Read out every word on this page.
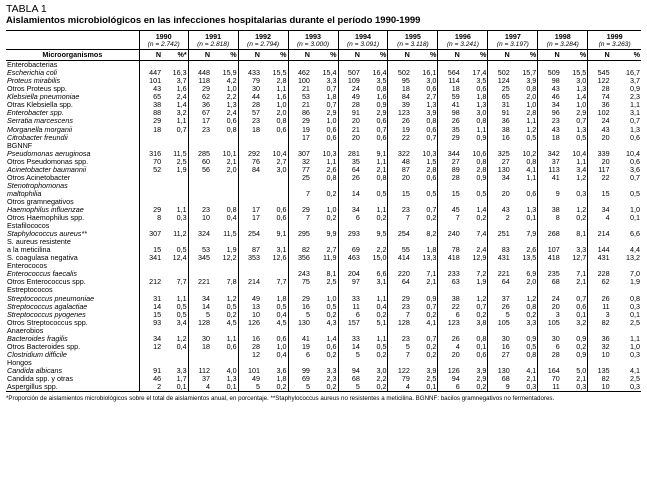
TABLA 1
Aislamientos microbiológicos en las infecciones hospitalarias durante el período 1990-1999
	1990		1991		1992		1993		1994		1995		1996		1997		1998		1999	
	(n = 2.742)		(n = 2.818)		(n = 2.794)		(n = 3.000)		(n = 3.091)		(n = 3.118)		(n = 3.241)		(n = 3.197)		(n = 3.284)		(n = 3.263)	
Microorganismos	N	%*	N	%	N	%	N	%	N	%	N	%	N	%	N	%	N	%	N	%
Enterobacterias																				
Escherichia coli	447	16,3	448	15,9	433	15,5	462	15,4	507	16,4	502	16,1	564	17,4	502	15,7	509	15,5	545	16,7
Proteus mirabilis	101	3,7	118	4,2	79	2,8	100	3,3	109	3,5	95	3,0	114	3,5	124	3,9	98	3,0	122	3,7
Otros Proteus spp.	43	1,6	29	1,0	30	1,1	21	0,7	24	0,8	18	0,6	18	0,6	25	0,8	43	1,3	28	0,9
Klebsiella pneumoniae	65	2,4	62	2,2	44	1,6	53	1,8	49	1,6	84	2,7	59	1,8	65	2,0	46	1,4	74	2,3
Otras Klebsiella spp.	38	1,4	36	1,3	28	1,0	21	0,7	28	0,9	39	1,3	41	1,3	31	1,0	34	1,0	36	1,1
Enterobacter spp.	88	3,2	67	2,4	57	2,0	86	2,9	91	2,9	123	3,9	98	3,0	91	2,8	96	2,9	102	3,1
Serratia marcescens	29	1,1	17	0,6	23	0,8	29	1,0	20	0,6	26	0,8	26	0,8	36	1,1	23	0,7	24	0,7
Morganella morganii	18	0,7	23	0,8	18	0,6	19	0,6	21	0,7	19	0,6	35	1,1	38	1,2	43	1,3	43	1,3
Citrobacter freundii							17	0,6	20	0,6	22	0,7	29	0,9	16	0,5	18	0,5	20	0,6
BGNNF																				
Pseudomonas aeruginosa	316	11,5	285	10,1	292	10,4	307	10,3	281	9,1	322	10,3	344	10,6	325	10,2	342	10,4	339	10,4
Otros Pseudomonas spp.	70	2,5	60	2,1	76	2,7	32	1,1	35	1,1	48	1,5	27	0,8	27	0,8	37	1,1	20	0,6
Acinetobacter baumannii	52	1,9	56	2,0	84	3,0	77	2,6	64	2,1	87	2,8	89	2,8	130	4,1	113	3,4	117	3,6
Otros Acinetobacter							25	0,8	26	0,8	20	0,6	28	0,9	34	1,1	41	1,2	22	0,7
Stenotrophomonas																				
maltophilia							7	0,2	14	0,5	15	0,5	15	0,5	20	0,6	9	0,3	15	0,5
Otros gramnegativos																				
Haemophilus influenzae	29	1,1	23	0,8	17	0,6	29	1,0	34	1,1	23	0,7	45	1,4	43	1,3	38	1,2	34	1,0
Otros Haemophilus spp.	8	0,3	10	0,4	17	0,6	7	0,2	6	0,2	7	0,2	7	0,2	2	0,1	8	0,2	4	0,1
Estafilococos																				
Staphylococcus aureus**	307	11,2	324	11,5	254	9,1	295	9,9	293	9,5	254	8,2	240	7,4	251	7,9	268	8,1	214	6,6
S. aureus resistente																				
a la meticilina	15	0,5	53	1,9	87	3,1	82	2,7	69	2,2	55	1,8	78	2,4	83	2,6	107	3,3	144	4,4
S. coagulasa negativa	341	12,4	345	12,2	353	12,6	356	11,9	463	15,0	414	13,3	418	12,9	431	13,5	418	12,7	431	13,2
Enterococos																				
Enterococcus faecalis							243	8,1	204	6,6	220	7,1	233	7,2	221	6,9	235	7,1	228	7,0
Otros Enterococcus spp.	212	7,7	221	7,8	214	7,7	75	2,5	97	3,1	64	2,1	63	1,9	64	2,0	68	2,1	62	1,9
Estreptococos																				
Streptococcus pneumoniae	31	1,1	34	1,2	49	1,8	29	1,0	33	1,1	29	0,9	38	1,2	37	1,2	24	0,7	26	0,8
Streptococcus agalactiae	14	0,5	14	0,5	13	0,5	16	0,5	11	0,4	23	0,7	22	0,7	26	0,8	20	0,6	11	0,3
Streptococcus pyogenes	15	0,5	5	0,2	10	0,4	5	0,2	6	0,2	7	0,2	6	0,2	5	0,2	3	0,1	3	0,1
Otros Streptococcus spp.	93	3,4	128	4,5	126	4,5	130	4,3	157	5,1	128	4,1	123	3,8	105	3,3	105	3,2	82	2,5
Anaerobios																				
Bacteroides fragilis	34	1,2	30	1,1	16	0,6	41	1,4	33	1,1	23	0,7	26	0,8	30	0,9	30	0,9	36	1,1
Otros Bacteroides spp.	12	0,4	18	0,6	28	1,0	19	0,6	14	0,5	5	0,2	4	0,1	16	0,5	6	0,2	32	1,0
Clostridium difficile					12	0,4	6	0,2	5	0,2	7	0,2	20	0,6	27	0,8	28	0,9	10	0,3
Hongos																				
Candida albicans	91	3,3	112	4,0	101	3,6	99	3,3	94	3,0	122	3,9	126	3,9	130	4,1	164	5,0	135	4,1
Candida spp. y otras	46	1,7	37	1,3	49	1,8	69	2,3	68	2,2	79	2,5	94	2,9	68	2,1	70	2,1	82	2,5
Aspergillus spp.	2	0,1	4	0,1	5	0,2	5	0,2	5	0,2	4	0,1	6	0,2	9	0,3	11	0,3	10	0,3
*Proporción de aislamientos microbiológicos sobre el total de aislamientos anual, en porcentaje. **Staphylococcus aureus no resistentes a meticilina. BGNNF: bacilos gramnegativos no fermentadores.
